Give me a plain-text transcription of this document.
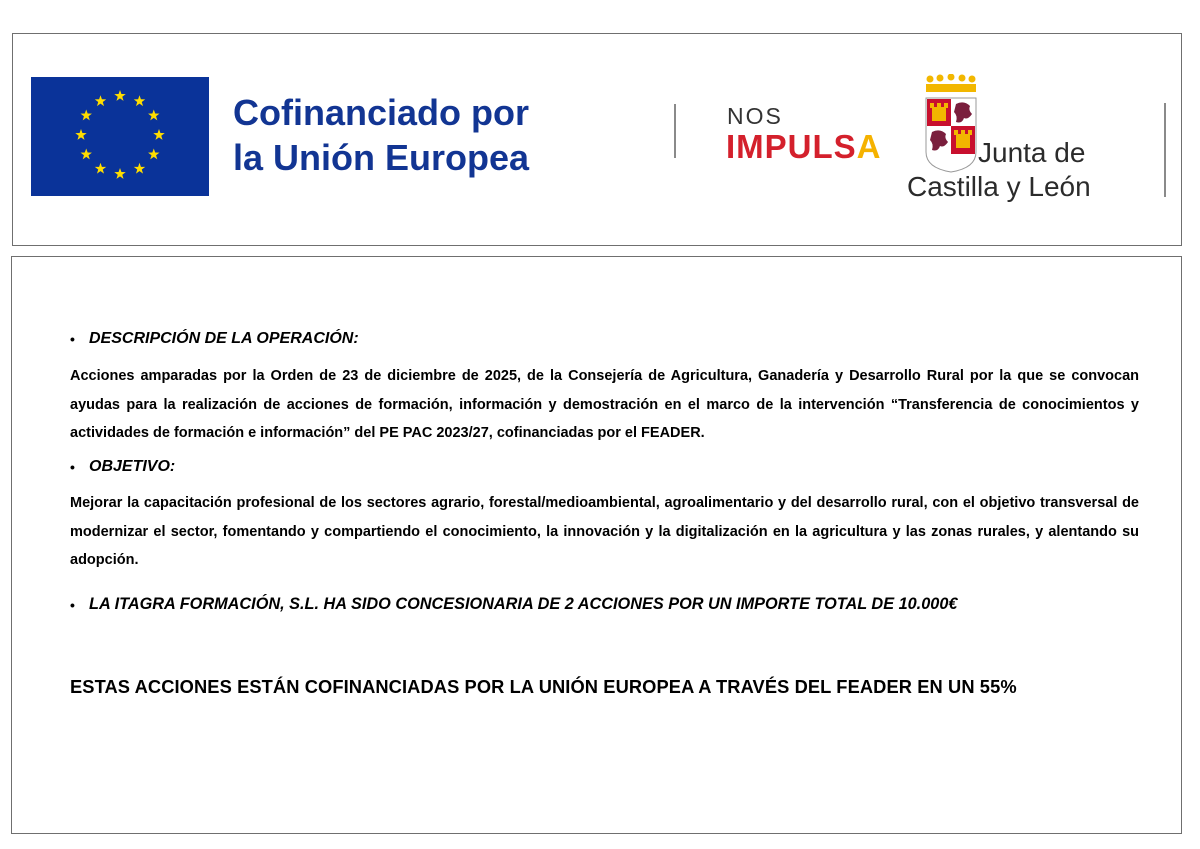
Cofinanciado por
la Unión Europea

NOS
IMPULSA	Junta de
Castilla y León
• DESCRIPCIÓN DE LA OPERACIÓN:

Acciones amparadas por la Orden de 23 de diciembre de 2025, de la Consejería de Agricultura, Ganadería y Desarrollo Rural por la que se convocan ayudas para la realización de acciones de formación, información y demostración en el marco de la intervención “Transferencia de conocimientos y actividades de formación e información” del PE PAC 2023/27, cofinanciadas por el FEADER.

• OBJETIVO:

Mejorar la capacitación profesional de los sectores agrario, forestal/medioambiental, agroalimentario y del desarrollo rural, con el objetivo transversal de modernizar el sector, fomentando y compartiendo el conocimiento, la innovación y la digitalización en la agricultura y las zonas rurales, y alentando su adopción.

• LA ITAGRA FORMACIÓN, S.L. HA SIDO CONCESIONARIA DE 2 ACCIONES POR UN IMPORTE TOTAL DE 10.000€

ESTAS ACCIONES ESTÁN COFINANCIADAS POR LA UNIÓN EUROPEA A TRAVÉS DEL FEADER EN UN 55%
